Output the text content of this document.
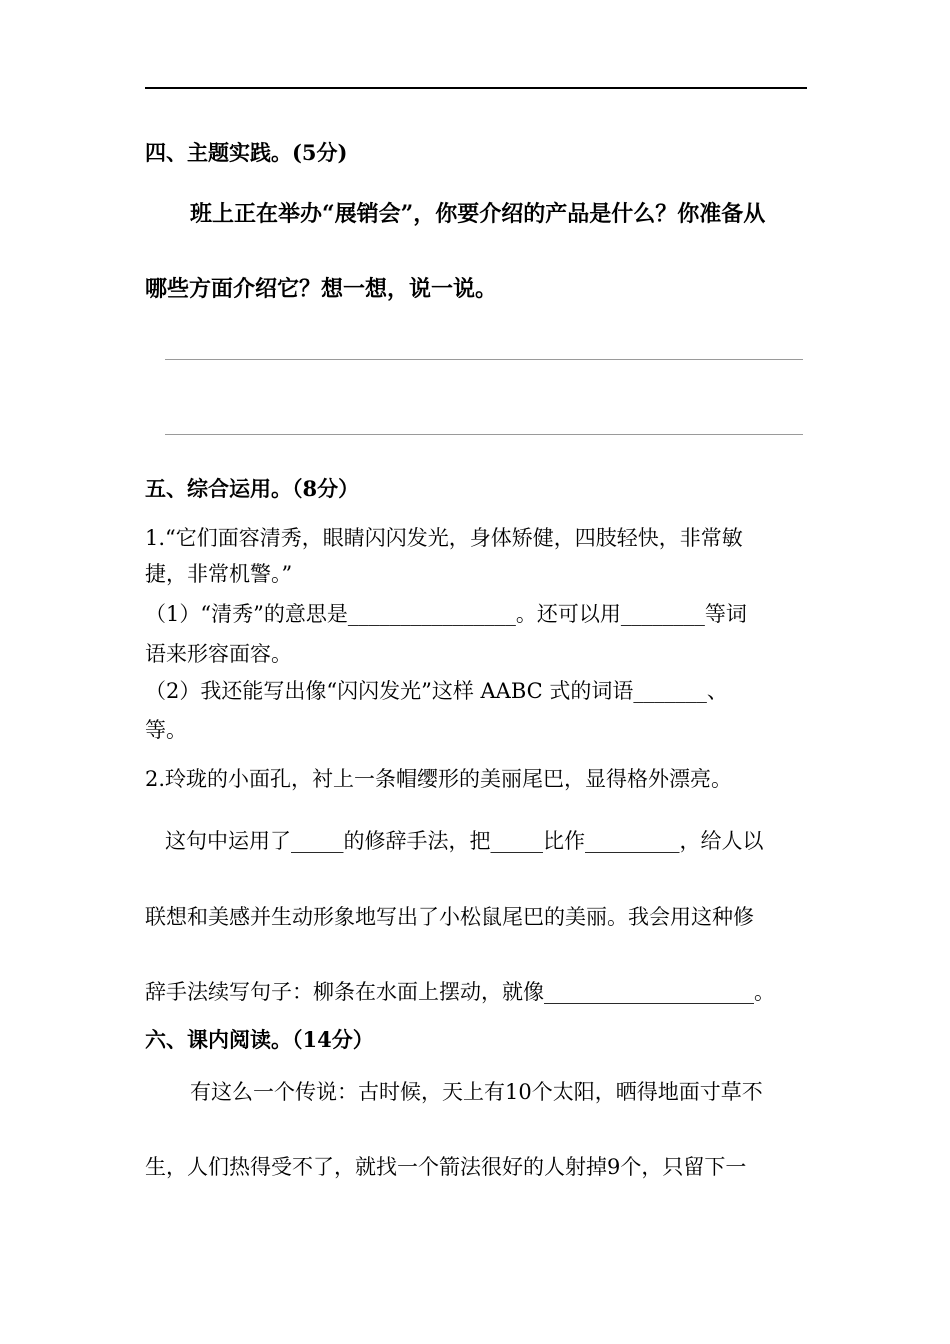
四、主题实践。(5分)
班上正在举办“展销会”，你要介绍的产品是什么？你准备从
哪些方面介绍它？想一想，说一说。
五、综合运用。（8分）
1.“它们面容清秀，眼睛闪闪发光，身体矫健，四肢轻快，非常敏
捷，非常机警。”
（1）“清秀”的意思是________________。还可以用________等词
语来形容面容。
（2）我还能写出像“闪闪发光”这样 AABC 式的词语_______、
等。
2.玲珑的小面孔，衬上一条帽缨形的美丽尾巴，显得格外漂亮。
这句中运用了_____的修辞手法，把_____比作_________，给人以
联想和美感并生动形象地写出了小松鼠尾巴的美丽。我会用这种修
辞手法续写句子：柳条在水面上摆动，就像____________________。
六、课内阅读。（14分）
有这么一个传说：古时候，天上有10个太阳，晒得地面寸草不
生，人们热得受不了，就找一个箭法很好的人射掉9个，只留下一
